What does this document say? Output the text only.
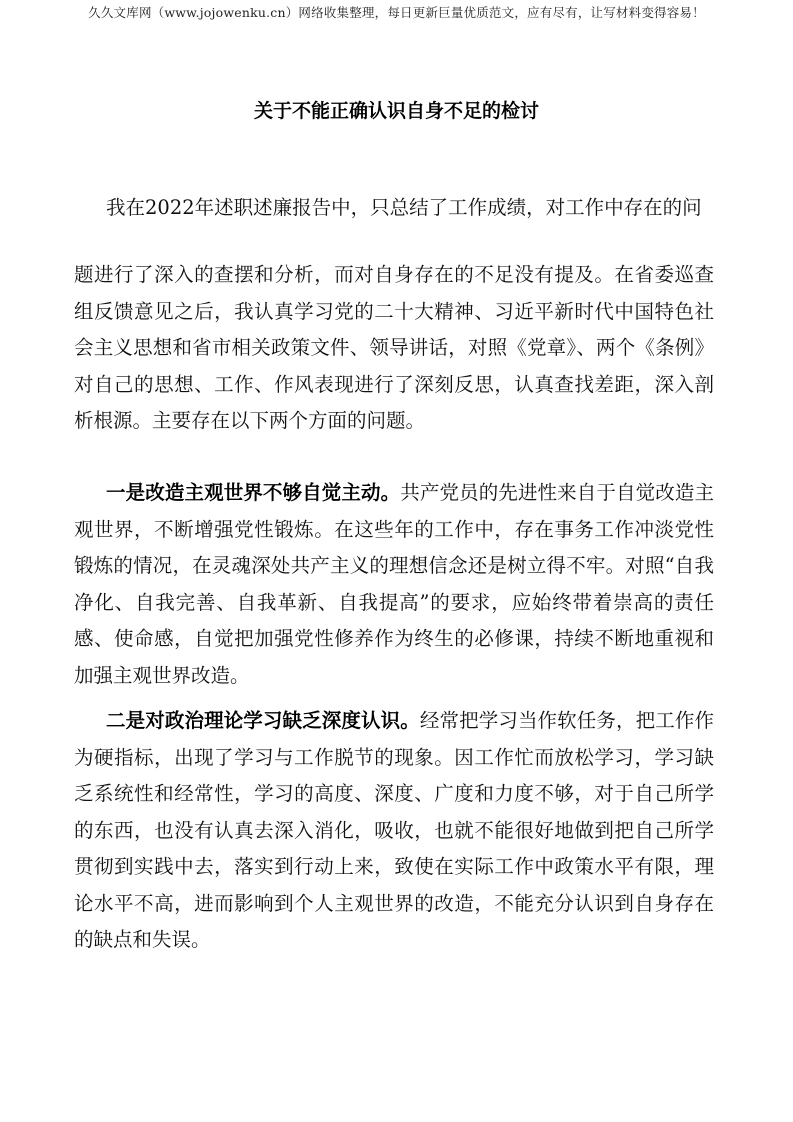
久久文库网（www.jojowenku.cn）网络收集整理，每日更新巨量优质范文，应有尽有，让写材料变得容易！
关于不能正确认识自身不足的检讨
我在2022年述职述廉报告中，只总结了工作成绩，对工作中存在的问
题进行了深入的查摆和分析，而对自身存在的不足没有提及。在省委巡查组反馈意见之后，我认真学习党的二十大精神、习近平新时代中国特色社会主义思想和省市相关政策文件、领导讲话，对照《党章》、两个《条例》对自己的思想、工作、作风表现进行了深刻反思，认真查找差距，深入剖析根源。主要存在以下两个方面的问题。
一是改造主观世界不够自觉主动。共产党员的先进性来自于自觉改造主观世界，不断增强党性锻炼。在这些年的工作中，存在事务工作冲淡党性锻炼的情况，在灵魂深处共产主义的理想信念还是树立得不牢。对照“自我净化、自我完善、自我革新、自我提高”的要求，应始终带着崇高的责任感、使命感，自觉把加强党性修养作为终生的必修课，持续不断地重视和加强主观世界改造。
二是对政治理论学习缺乏深度认识。经常把学习当作软任务，把工作作为硬指标，出现了学习与工作脱节的现象。因工作忙而放松学习，学习缺乏系统性和经常性，学习的高度、深度、广度和力度不够，对于自己所学的东西，也没有认真去深入消化，吸收，也就不能很好地做到把自己所学贯彻到实践中去，落实到行动上来，致使在实际工作中政策水平有限，理论水平不高，进而影响到个人主观世界的改造，不能充分认识到自身存在的缺点和失误。
